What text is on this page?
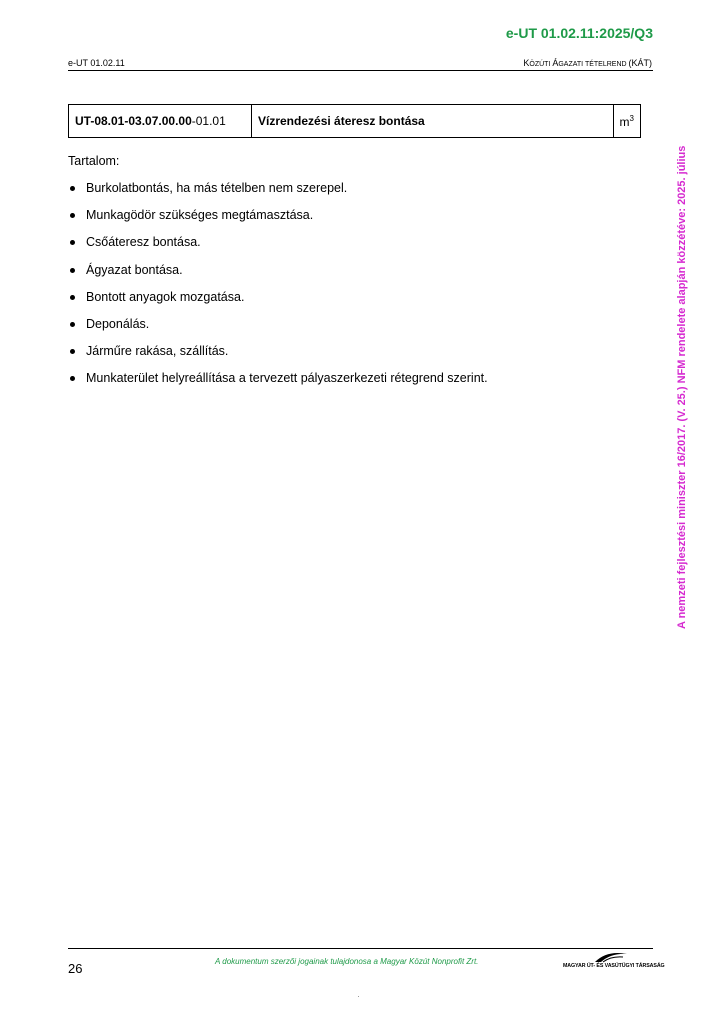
e-UT 01.02.11:2025/Q3
e-UT 01.02.11	KÖZÚTI ÁGAZATI TÉTELREND (KÁT)
A nemzeti fejlesztési miniszter 16/2017. (V. 25.) NFM rendelete alapján közzétéve: 2025. július
UT-08.01-03.07.00.00-01.01	Vízrendezési áteresz bontása	$m^3$
Tartalom:
Burkolatbontás, ha más tételben nem szerepel.
Munkagödör szükséges megtámasztása.
Csőáteresz bontása.
Ágyazat bontása.
Bontott anyagok mozgatása.
Deponálás.
Járműre rakása, szállítás.
Munkaterület helyreállítása a tervezett pályaszerkezeti rétegrend szerint.
26	A dokumentum szerzői jogainak tulajdonosa a Magyar Közút Nonprofit Zrt.	MAGYAR ÚT- ÉS VASÚTÜGYI TÁRSASÁG
